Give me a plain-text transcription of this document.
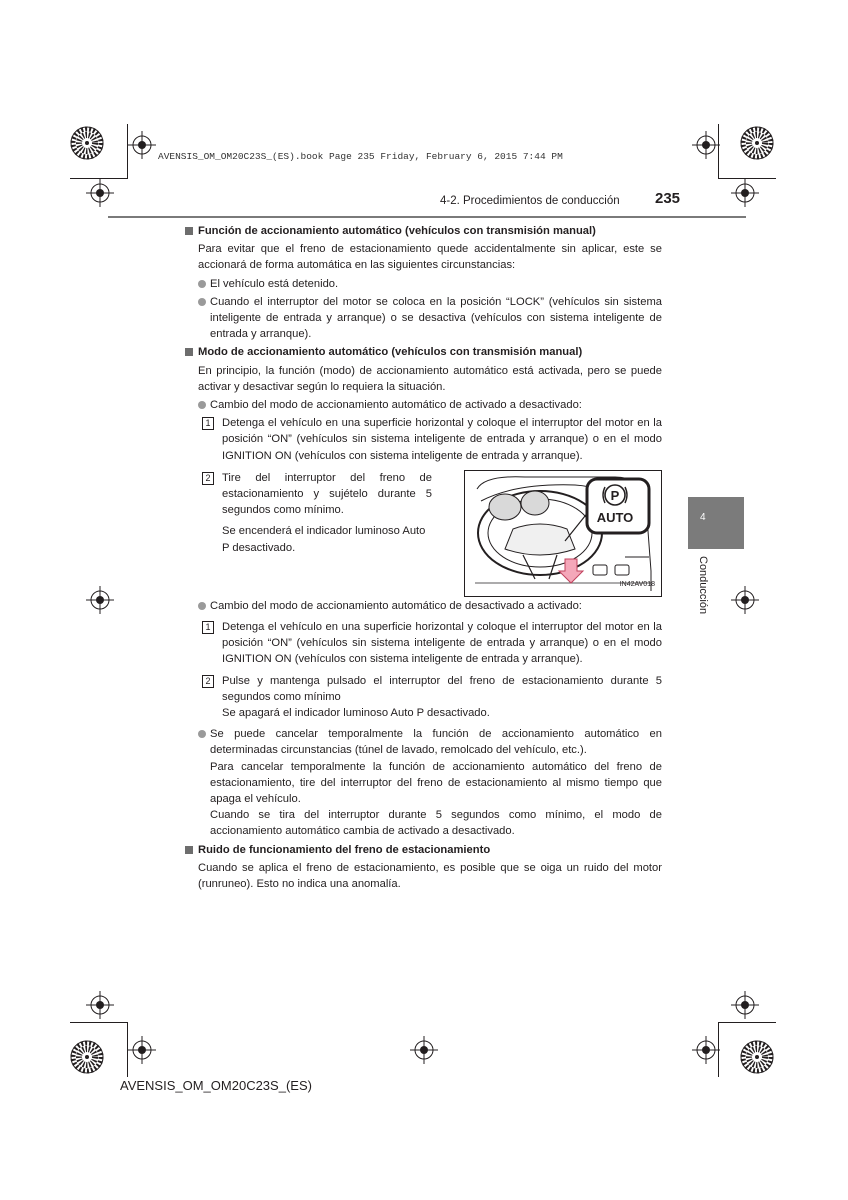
AVENSIS_OM_OM20C23S_(ES).book Page 235 Friday, February 6, 2015 7:44 PM
4-2. Procedimientos de conducción 235
4
Conducción

Función de accionamiento automático (vehículos con transmisión manual)

Para evitar que el freno de estacionamiento quede accidentalmente sin aplicar, este se accionará de forma automática en las siguientes circunstancias:

El vehículo está detenido.

Cuando el interruptor del motor se coloca en la posición “LOCK” (vehículos sin sistema inteligente de entrada y arranque) o se desactiva (vehículos con sistema inteligente de entrada y arranque).

Modo de accionamiento automático (vehículos con transmisión manual)

En principio, la función (modo) de accionamiento automático está activada, pero se puede activar y desactivar según lo requiera la situación.

Cambio del modo de accionamiento automático de activado a desactivado:

1	Detenga el vehículo en una superficie horizontal y coloque el interruptor del motor en la posición “ON” (vehículos sin sistema inteligente de entrada y arranque) o en el modo IGNITION ON (vehículos con sistema inteligente de entrada y arranque).
2	Tire del interruptor del freno de estacionamiento y sujételo durante 5 segundos como mínimo.

Se encenderá el indicador luminoso Auto P desactivado.

P
AUTO
IN42AV018

Cambio del modo de accionamiento automático de desactivado a activado:

1	Detenga el vehículo en una superficie horizontal y coloque el interruptor del motor en la posición “ON” (vehículos sin sistema inteligente de entrada y arranque) o en el modo IGNITION ON (vehículos con sistema inteligente de entrada y arranque).
2	Pulse y mantenga pulsado el interruptor del freno de estacionamiento durante 5 segundos como mínimo

Se apagará el indicador luminoso Auto P desactivado.

Se puede cancelar temporalmente la función de accionamiento automático en determinadas circunstancias (túnel de lavado, remolcado del vehículo, etc.).

Para cancelar temporalmente la función de accionamiento automático del freno de estacionamiento, tire del interruptor del freno de estacionamiento al mismo tiempo que apaga el vehículo.

Cuando se tira del interruptor durante 5 segundos como mínimo, el modo de accionamiento automático cambia de activado a desactivado.

Ruido de funcionamiento del freno de estacionamiento

Cuando se aplica el freno de estacionamiento, es posible que se oiga un ruido del motor (runruneo). Esto no indica una anomalía.

AVENSIS_OM_OM20C23S_(ES)
